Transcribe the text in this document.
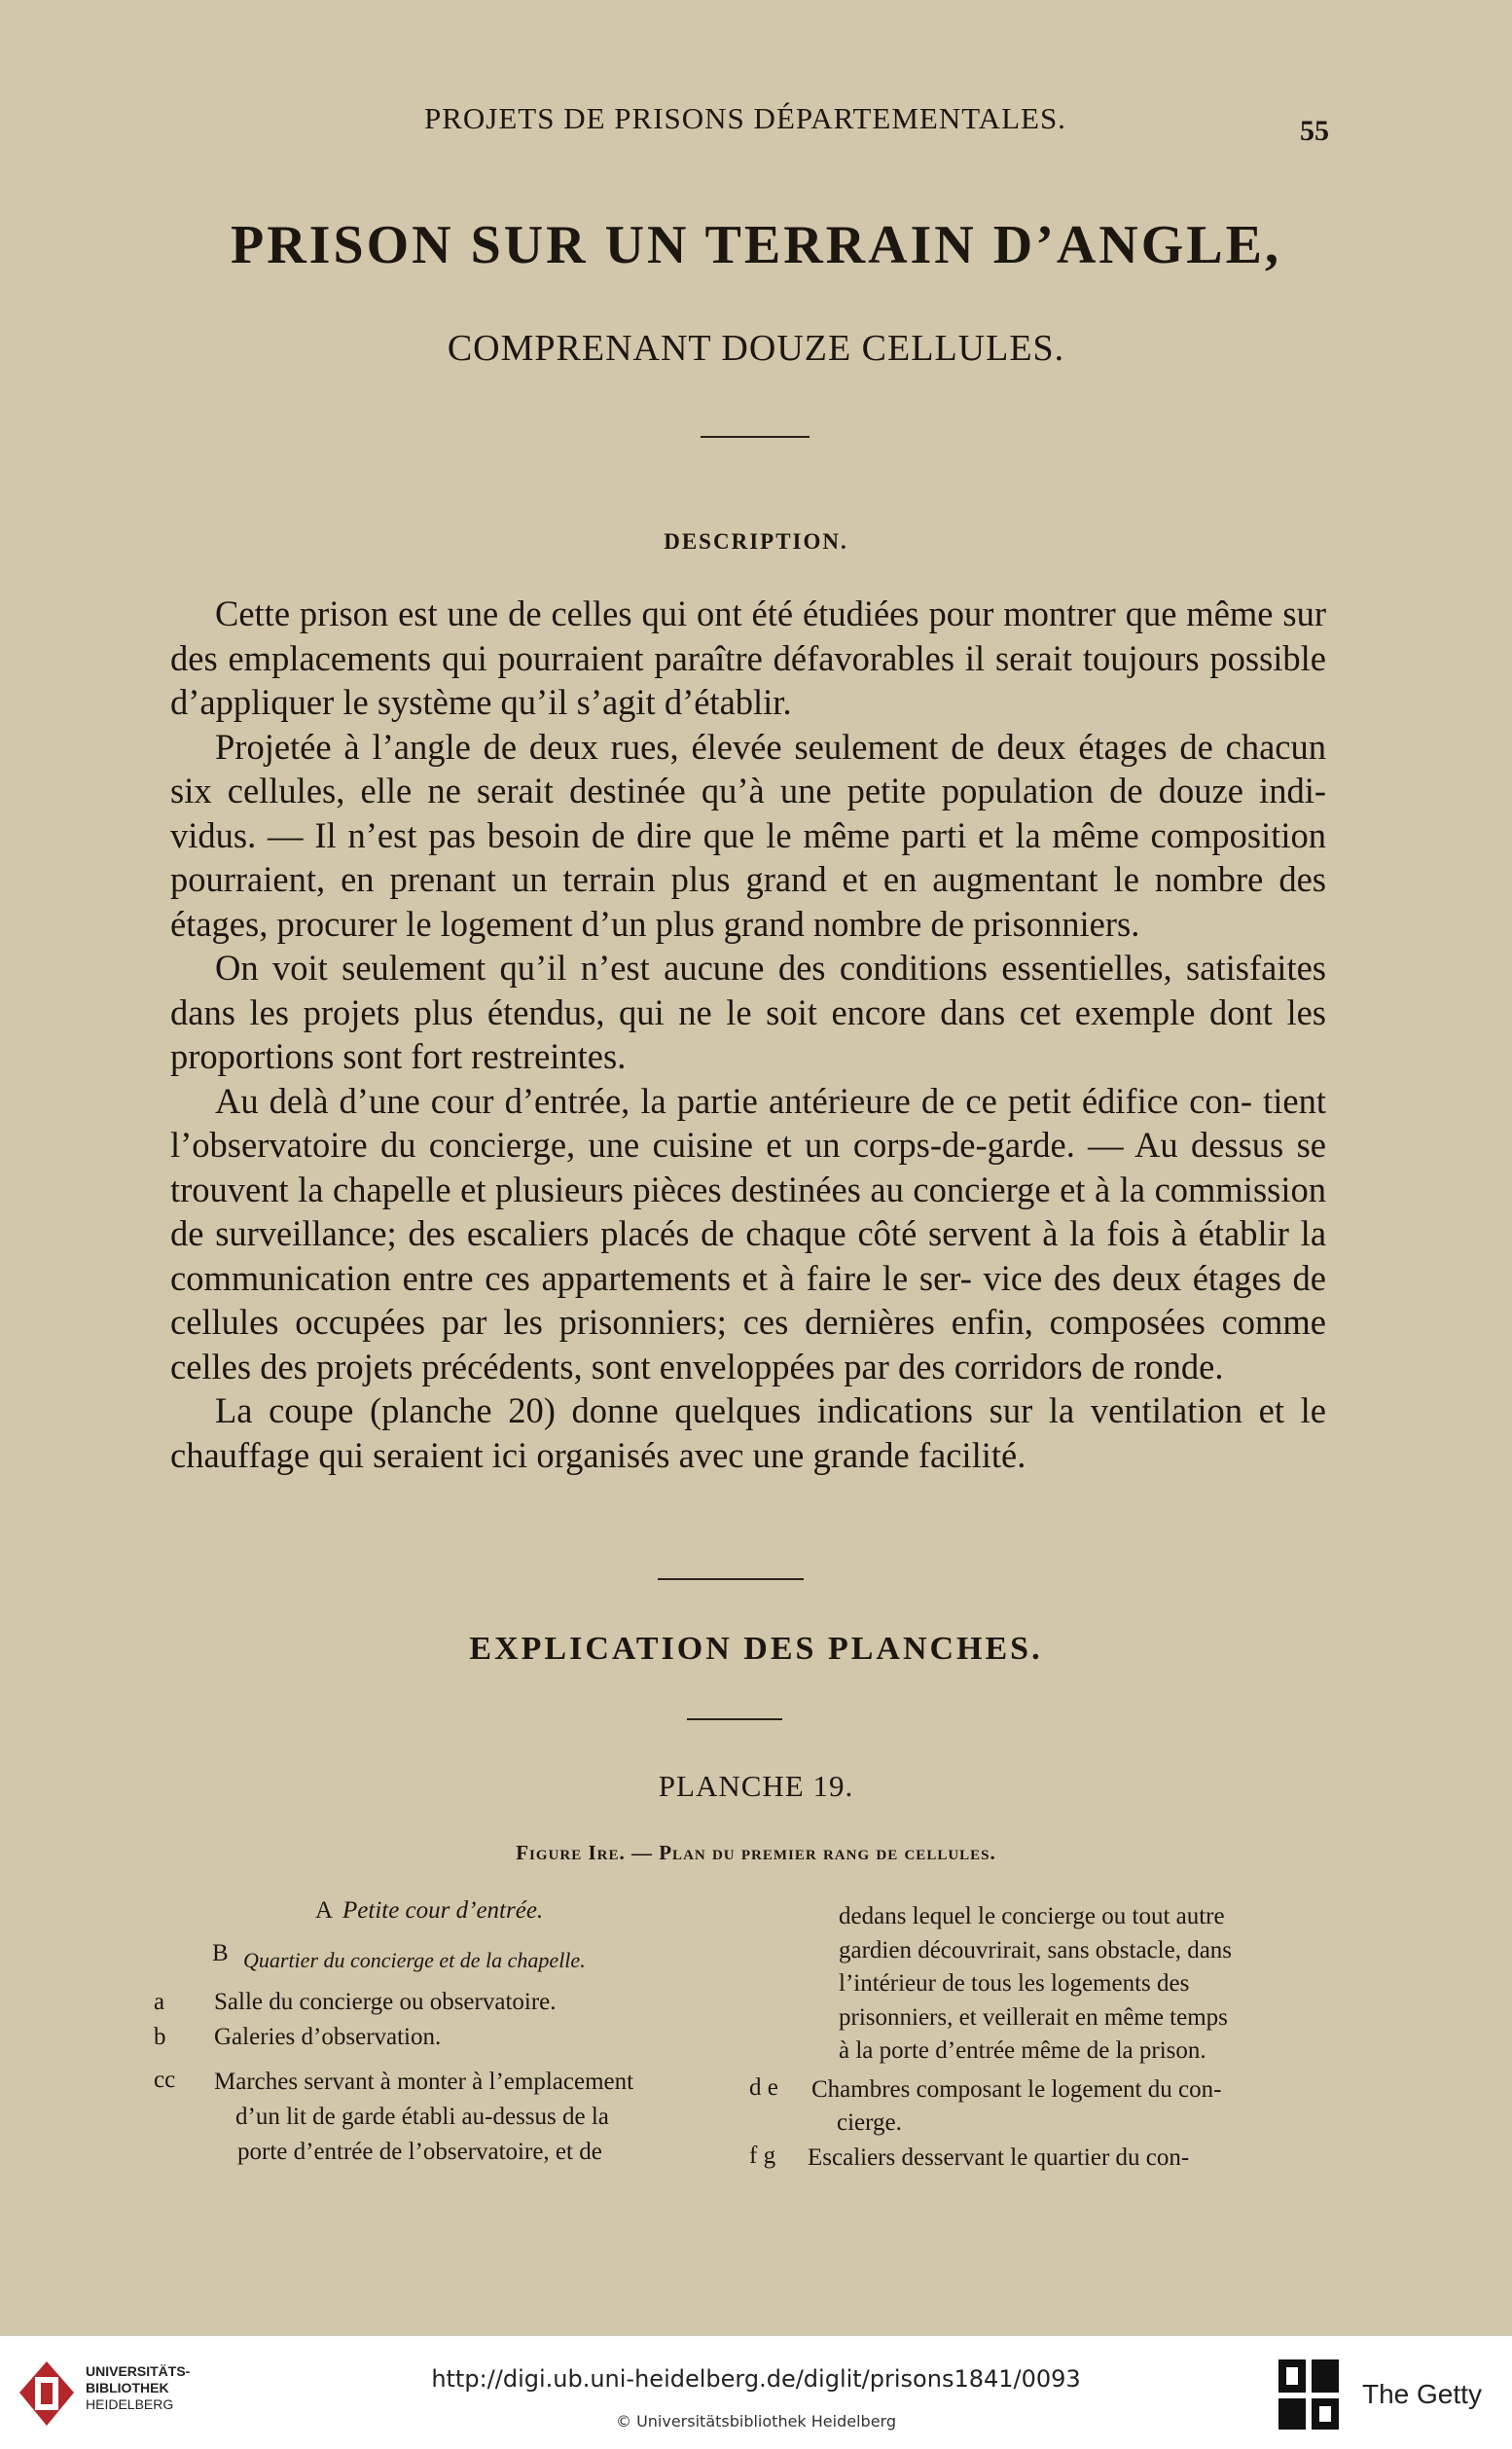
PROJETS DE PRISONS DÉPARTEMENTALES.	55
PRISON SUR UN TERRAIN D’ANGLE,
COMPRENANT DOUZE CELLULES.
DESCRIPTION.

Cette prison est une de celles qui ont été étudiées pour montrer que même sur des emplacements qui pourraient paraître défavorables il serait toujours possible d’appliquer le système qu’il s’agit d’établir.

Projetée à l’angle de deux rues, élevée seulement de deux étages de chacun six cellules, elle ne serait destinée qu’à une petite population de douze indi- vidus. — Il n’est pas besoin de dire que le même parti et la même composition pourraient, en prenant un terrain plus grand et en augmentant le nombre des étages, procurer le logement d’un plus grand nombre de prisonniers.

On voit seulement qu’il n’est aucune des conditions essentielles, satisfaites dans les projets plus étendus, qui ne le soit encore dans cet exemple dont les proportions sont fort restreintes.

Au delà d’une cour d’entrée, la partie antérieure de ce petit édifice con- tient l’observatoire du concierge, une cuisine et un corps-de-garde. — Au dessus se trouvent la chapelle et plusieurs pièces destinées au concierge et à la commission de surveillance; des escaliers placés de chaque côté servent à la fois à établir la communication entre ces appartements et à faire le ser- vice des deux étages de cellules occupées par les prisonniers; ces dernières enfin, composées comme celles des projets précédents, sont enveloppées par des corridors de ronde.

La coupe (planche 20) donne quelques indications sur la ventilation et le chauffage qui seraient ici organisés avec une grande facilité.

EXPLICATION DES PLANCHES.
PLANCHE 19.
Figure Ire. — Plan du premier rang de cellules.
A Petite cour d’entrée.
B Quartier du concierge et de la chapelle.
a Salle du concierge ou observatoire.
b Galeries d’observation.
cc Marches servant à monter à l’emplacement
d’un lit de garde établi au-dessus de la
porte d’entrée de l’observatoire, et de
dedans lequel le concierge ou tout autre
gardien découvrirait, sans obstacle, dans
l’intérieur de tous les logements des
prisonniers, et veillerait en même temps
à la porte d’entrée même de la prison.
d e Chambres composant le logement du con-
cierge.
f g Escaliers desservant le quartier du con-
UNIVERSITÄTS-
BIBLIOTHEK
HEIDELBERG
http://digi.ub.uni-heidelberg.de/diglit/prisons1841/0093
© Universitätsbibliothek Heidelberg
The Getty
